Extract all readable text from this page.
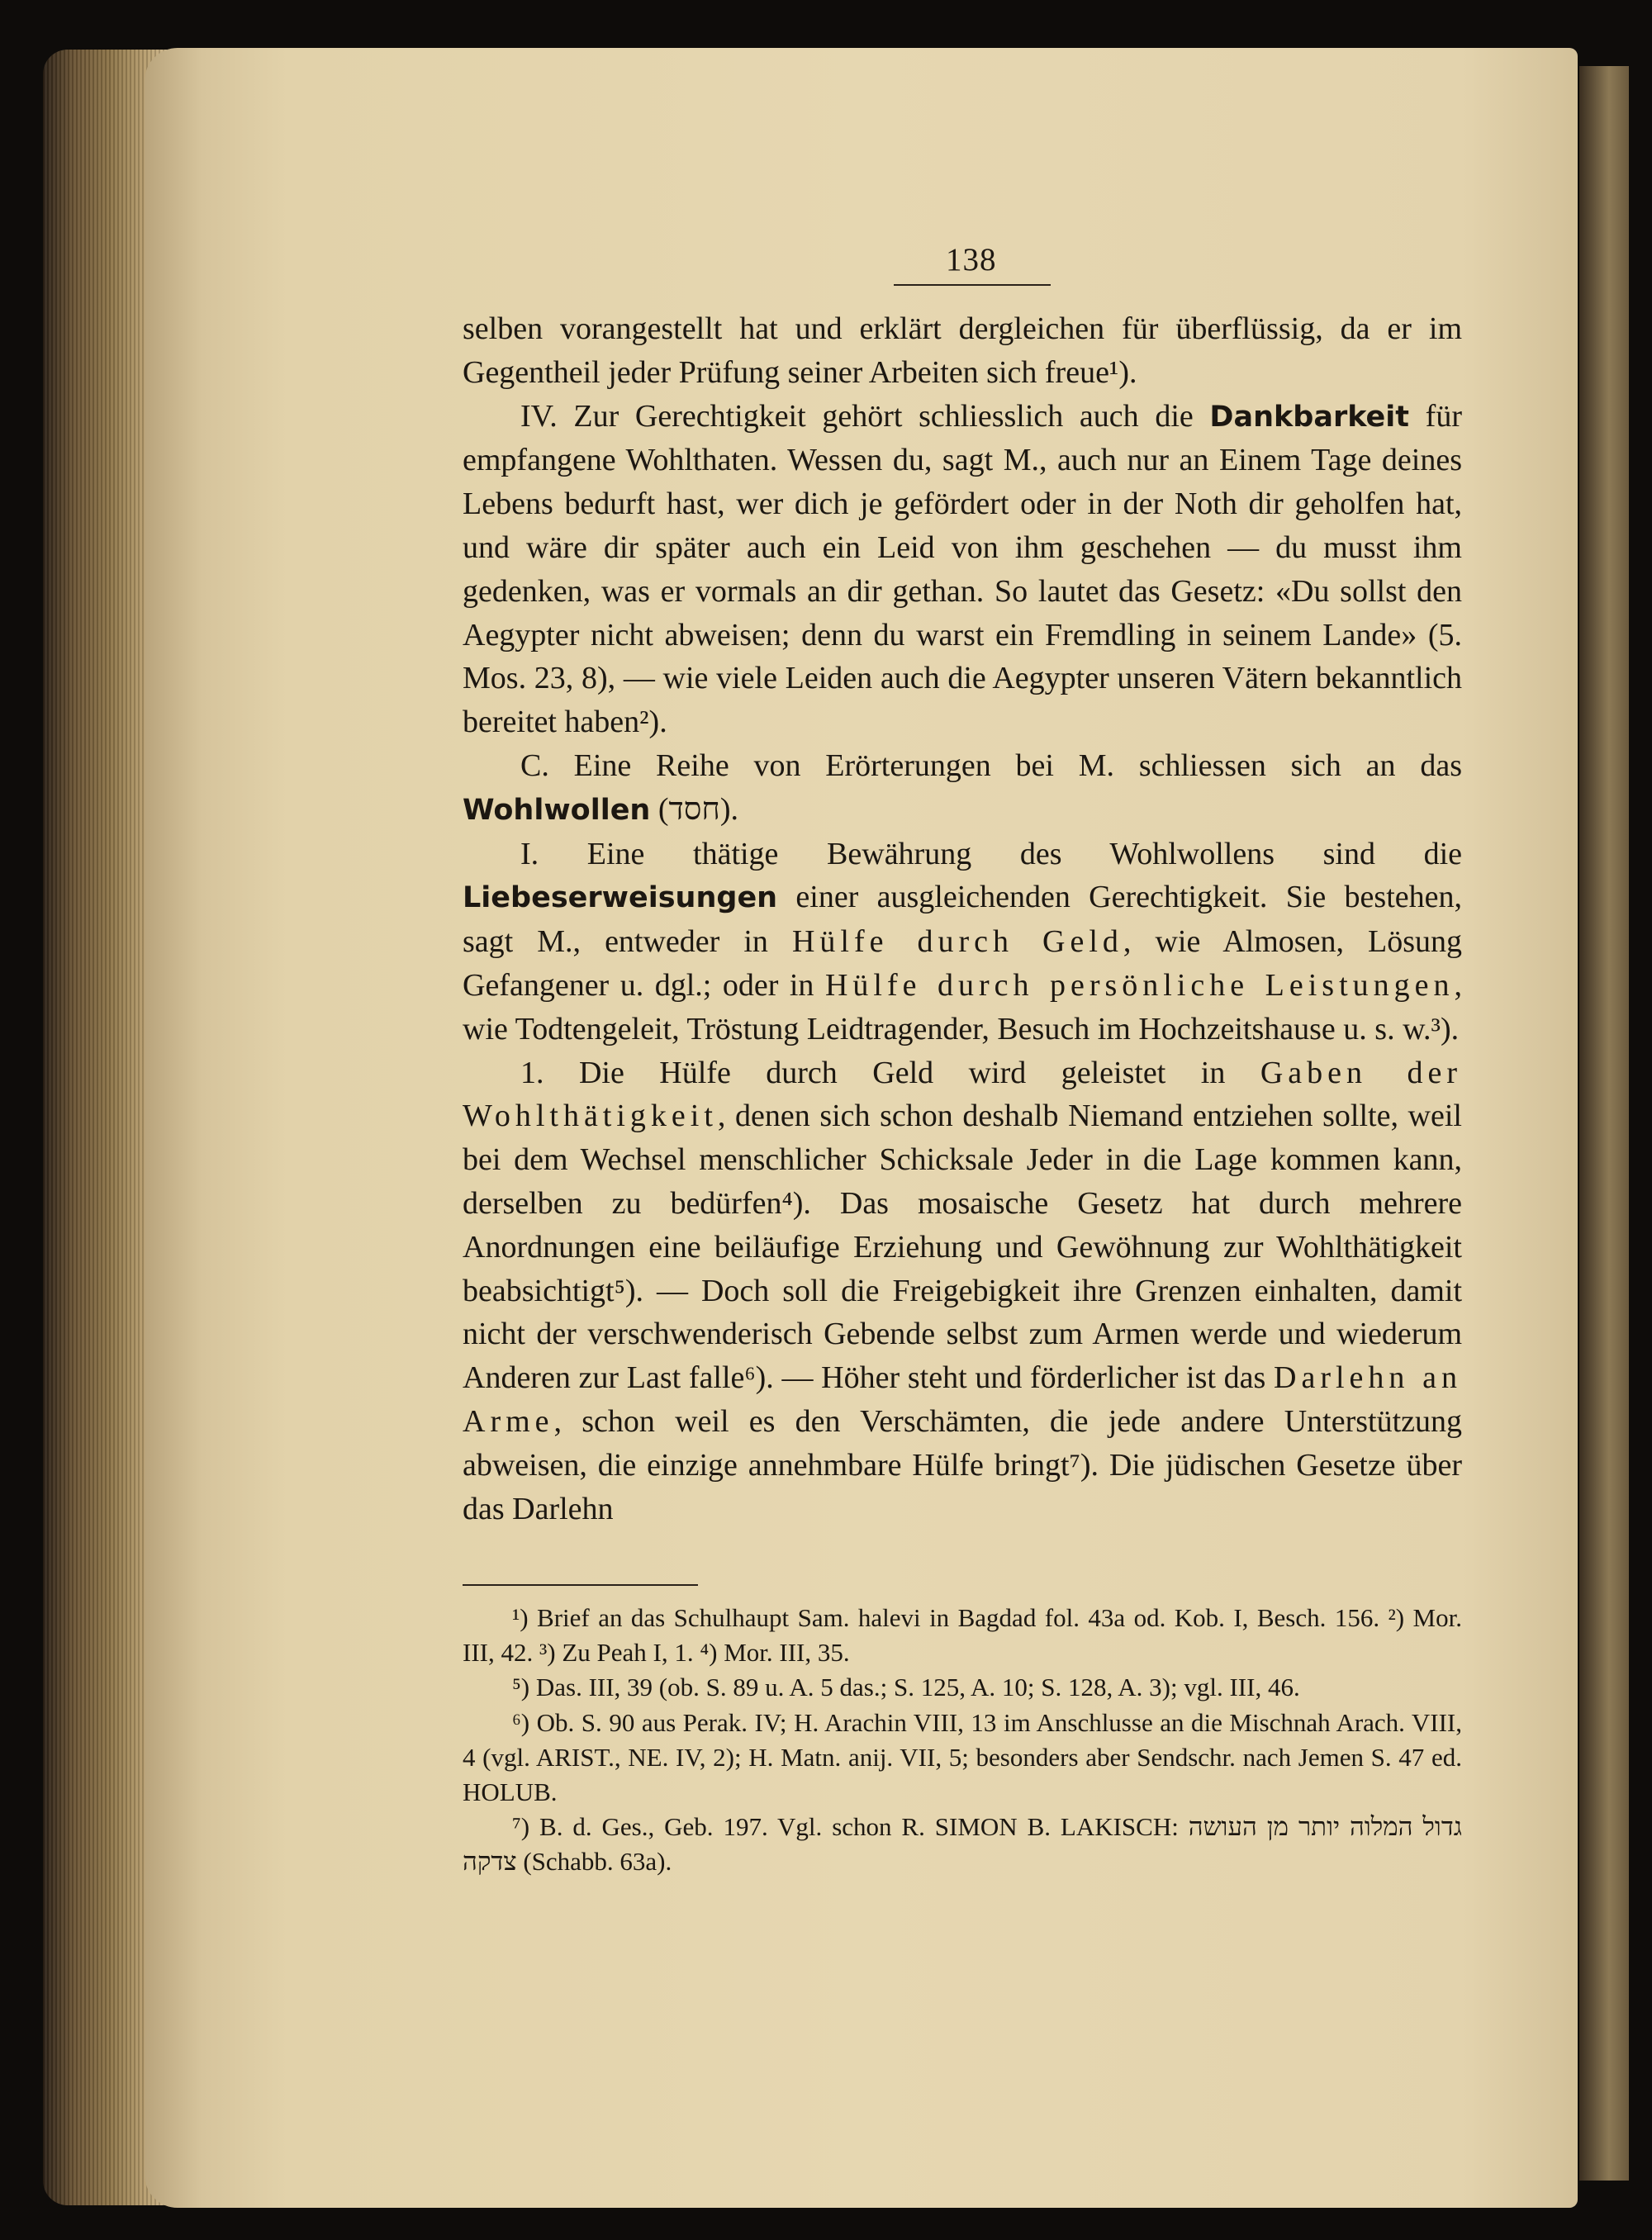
138

selben vorangestellt hat und erklärt dergleichen für überflüssig, da er im Gegentheil jeder Prüfung seiner Arbeiten sich freue¹).

IV. Zur Gerechtigkeit gehört schliesslich auch die Dankbarkeit für empfangene Wohlthaten. Wessen du, sagt M., auch nur an Einem Tage deines Lebens bedurft hast, wer dich je gefördert oder in der Noth dir geholfen hat, und wäre dir später auch ein Leid von ihm geschehen — du musst ihm gedenken, was er vormals an dir gethan. So lautet das Gesetz: «Du sollst den Aegypter nicht abweisen; denn du warst ein Fremdling in seinem Lande» (5. Mos. 23, 8), — wie viele Leiden auch die Aegypter unseren Vätern bekanntlich bereitet haben²).

C. Eine Reihe von Erörterungen bei M. schliessen sich an das Wohlwollen (חסד).

I. Eine thätige Bewährung des Wohlwollens sind die Liebeserweisungen einer ausgleichenden Gerechtigkeit. Sie bestehen, sagt M., entweder in Hülfe durch Geld, wie Almosen, Lösung Gefangener u. dgl.; oder in Hülfe durch persönliche Leistungen, wie Todtengeleit, Tröstung Leidtragender, Besuch im Hochzeitshause u. s. w.³).

1. Die Hülfe durch Geld wird geleistet in Gaben der Wohlthätigkeit, denen sich schon deshalb Niemand entziehen sollte, weil bei dem Wechsel menschlicher Schicksale Jeder in die Lage kommen kann, derselben zu bedürfen⁴). Das mosaische Gesetz hat durch mehrere Anordnungen eine beiläufige Erziehung und Gewöhnung zur Wohlthätigkeit beabsichtigt⁵). — Doch soll die Freigebigkeit ihre Grenzen einhalten, damit nicht der verschwenderisch Gebende selbst zum Armen werde und wiederum Anderen zur Last falle⁶). — Höher steht und förderlicher ist das Darlehn an Arme, schon weil es den Verschämten, die jede andere Unterstützung abweisen, die einzige annehmbare Hülfe bringt⁷). Die jüdischen Gesetze über das Darlehn

¹) Brief an das Schulhaupt Sam. halevi in Bagdad fol. 43a od. Kob. I, Besch. 156. ²) Mor. III, 42. ³) Zu Peah I, 1. ⁴) Mor. III, 35.

⁵) Das. III, 39 (ob. S. 89 u. A. 5 das.; S. 125, A. 10; S. 128, A. 3); vgl. III, 46.

⁶) Ob. S. 90 aus Perak. IV; H. Arachin VIII, 13 im Anschlusse an die Mischnah Arach. VIII, 4 (vgl. ARIST., NE. IV, 2); H. Matn. anij. VII, 5; besonders aber Sendschr. nach Jemen S. 47 ed. HOLUB.

⁷) B. d. Ges., Geb. 197. Vgl. schon R. SIMON B. LAKISCH: גדול המלוה יותר מן העושה צדקה (Schabb. 63a).
